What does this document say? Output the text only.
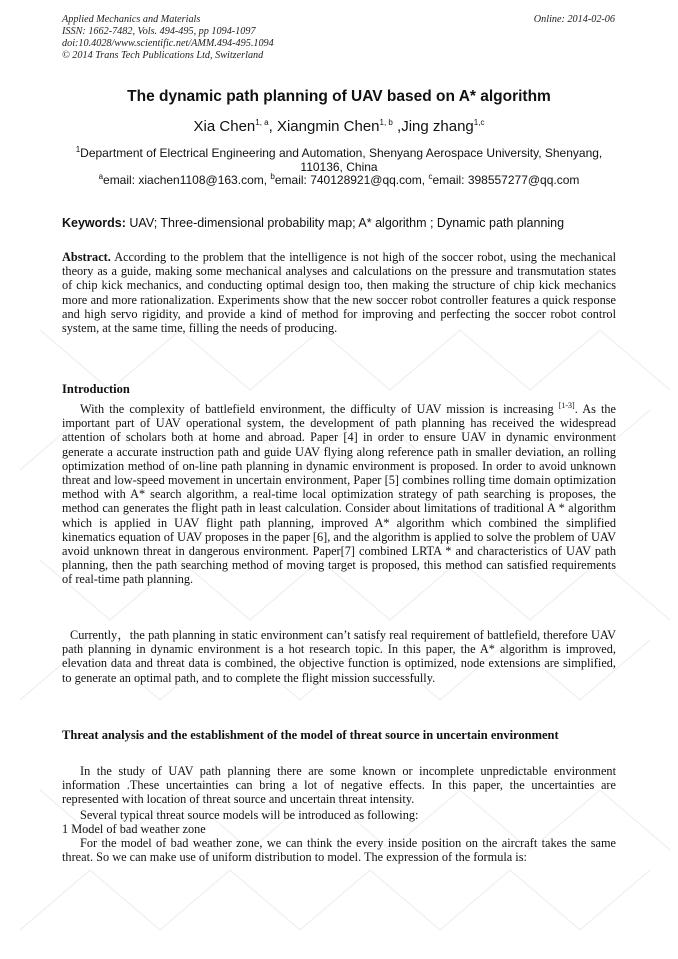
Applied Mechanics and Materials
ISSN: 1662-7482, Vols. 494-495, pp 1094-1097
doi:10.4028/www.scientific.net/AMM.494-495.1094
© 2014 Trans Tech Publications Ltd, Switzerland
Online: 2014-02-06
The dynamic path planning of UAV based on A* algorithm
Xia Chen$^{1, a}$, Xiangmin Chen$^{1, b}$ ,Jing zhang$^{1,c}$
$^1$Department of Electrical Engineering and Automation, Shenyang Aerospace University, Shenyang, 110136, China
$^a$email: xiachen1108@163.com, $^b$email: 740128921@qq.com, $^c$email: 398557277@qq.com
Keywords: UAV; Three-dimensional probability map; A* algorithm ; Dynamic path planning
Abstract. According to the problem that the intelligence is not high of the soccer robot, using the mechanical theory as a guide, making some mechanical analyses and calculations on the pressure and transmutation states of chip kick mechanics, and conducting optimal design too, then making the structure of chip kick mechanics more and more rationalization. Experiments show that the new soccer robot controller features a quick response and high servo rigidity, and provide a kind of method for improving and perfecting the soccer robot control system, at the same time, filling the needs of producing.
Introduction
With the complexity of battlefield environment, the difficulty of UAV mission is increasing [1-3]. As the important part of UAV operational system, the development of path planning has received the widespread attention of scholars both at home and abroad. Paper [4] in order to ensure UAV in dynamic environment generate a accurate instruction path and guide UAV flying along reference path in smaller deviation, an rolling optimization method of on-line path planning in dynamic environment is proposed. In order to avoid unknown threat and low-speed movement in uncertain environment, Paper [5] combines rolling time domain optimization method with A* search algorithm, a real-time local optimization strategy of path searching is proposes, the method can generates the flight path in least calculation. Consider about limitations of traditional A * algorithm which is applied in UAV flight path planning, improved A* algorithm which combined the simplified kinematics equation of UAV proposes in the paper [6], and the algorithm is applied to solve the problem of UAV avoid unknown threat in dangerous environment. Paper[7] combined LRTA * and characteristics of UAV path planning, then the path searching method of moving target is proposed, this method can satisfied requirements of real-time path planning.
Currently，the path planning in static environment can’t satisfy real requirement of battlefield, therefore UAV path planning in dynamic environment is a hot research topic. In this paper, the A* algorithm is improved, elevation data and threat data is combined, the objective function is optimized, node extensions are simplified, to generate an optimal path, and to complete the flight mission successfully.
Threat analysis and the establishment of the model of threat source in uncertain environment
In the study of UAV path planning there are some known or incomplete unpredictable environment information .These uncertainties can bring a lot of negative effects. In this paper, the uncertainties are represented with location of threat source and uncertain threat intensity.
Several typical threat source models will be introduced as following:
1 Model of bad weather zone
For the model of bad weather zone, we can think the every inside position on the aircraft takes the same threat. So we can make use of uniform distribution to model. The expression of the formula is:
